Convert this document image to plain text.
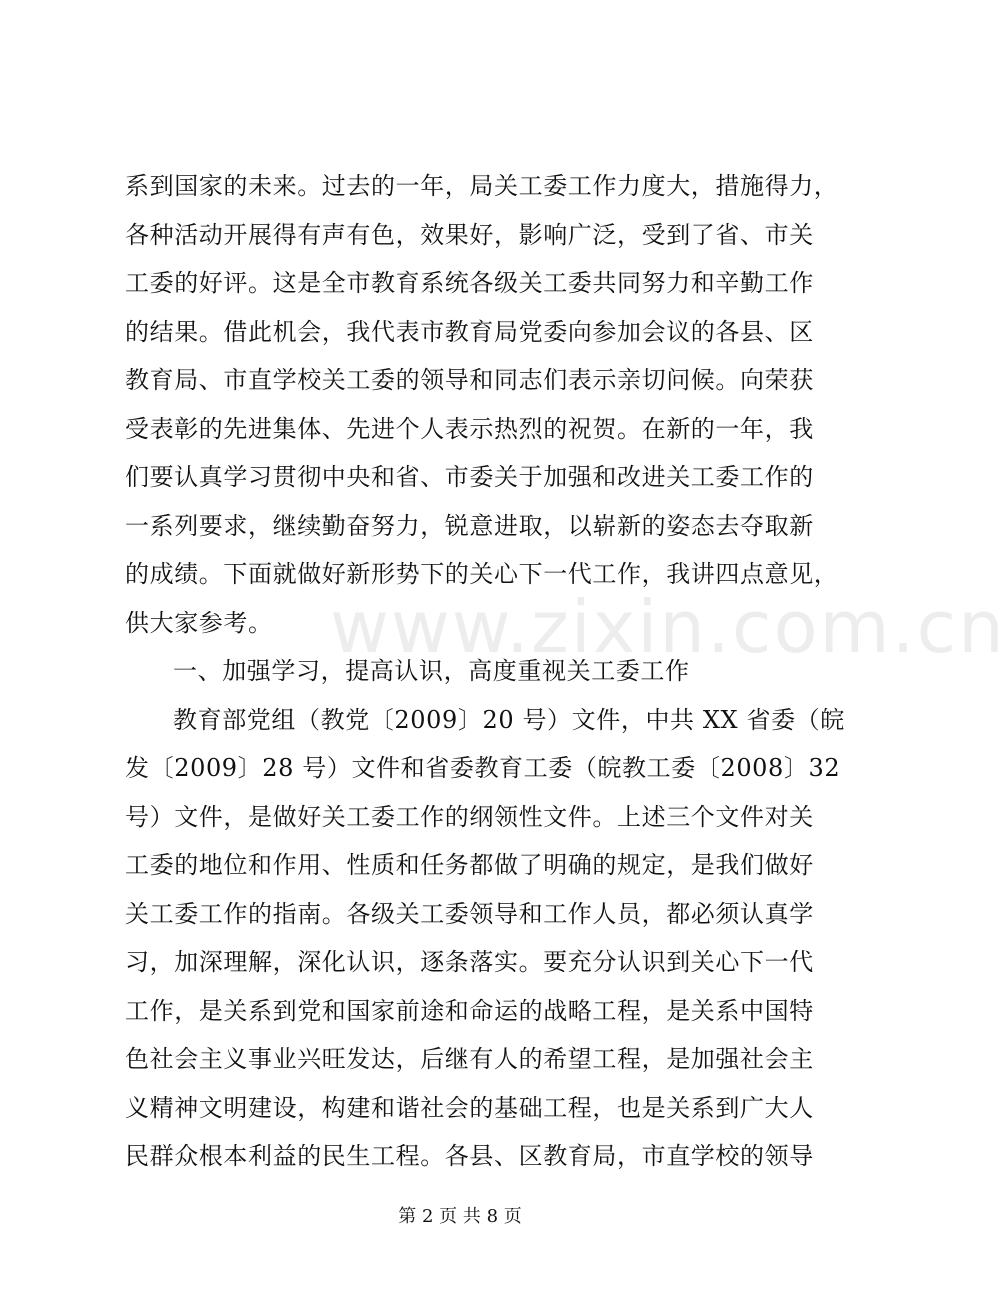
www.zixin.com.cn
系到国家的未来。过去的一年，局关工委工作力度大，措施得力，
各种活动开展得有声有色，效果好，影响广泛，受到了省、市关
工委的好评。这是全市教育系统各级关工委共同努力和辛勤工作
的结果。借此机会，我代表市教育局党委向参加会议的各县、区
教育局、市直学校关工委的领导和同志们表示亲切问候。向荣获
受表彰的先进集体、先进个人表示热烈的祝贺。在新的一年，我
们要认真学习贯彻中央和省、市委关于加强和改进关工委工作的
一系列要求，继续勤奋努力，锐意进取，以崭新的姿态去夺取新
的成绩。下面就做好新形势下的关心下一代工作，我讲四点意见，
供大家参考。
一、加强学习，提高认识，高度重视关工委工作
教育部党组（教党〔2009〕20 号）文件，中共 XX 省委（皖
发〔2009〕28 号）文件和省委教育工委（皖教工委〔2008〕32
号）文件，是做好关工委工作的纲领性文件。上述三个文件对关
工委的地位和作用、性质和任务都做了明确的规定，是我们做好
关工委工作的指南。各级关工委领导和工作人员，都必须认真学
习，加深理解，深化认识，逐条落实。要充分认识到关心下一代
工作，是关系到党和国家前途和命运的战略工程，是关系中国特
色社会主义事业兴旺发达，后继有人的希望工程，是加强社会主
义精神文明建设，构建和谐社会的基础工程，也是关系到广大人
民群众根本利益的民生工程。各县、区教育局，市直学校的领导
第 2 页 共 8 页
